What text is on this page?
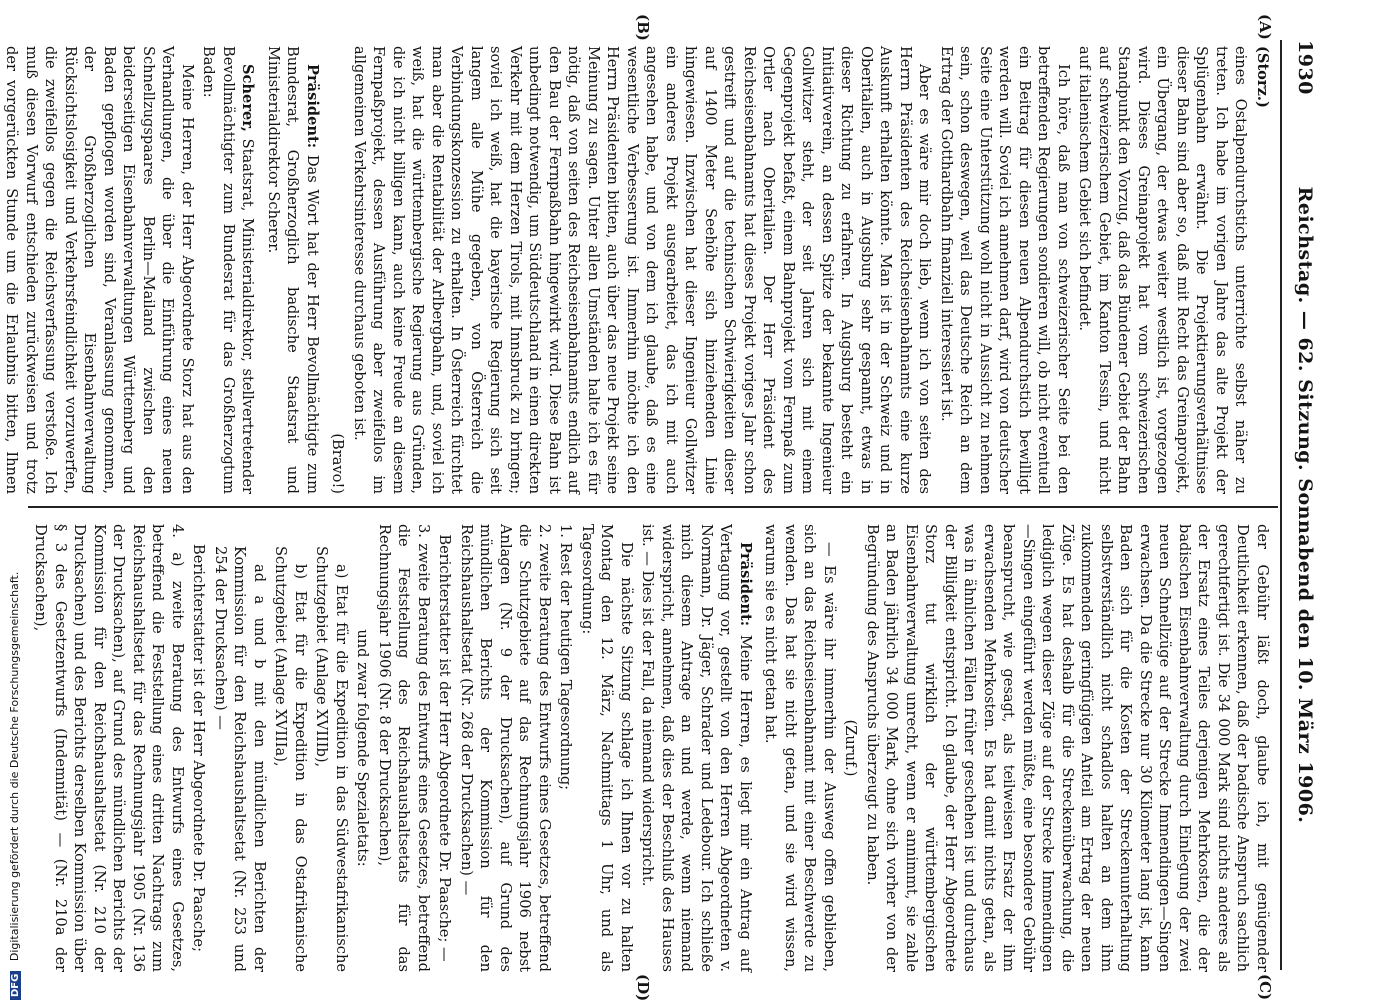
Reichstag. — 62. Sitzung. Sonnabend den 10. März 1906.
1930
(A)
(B)
(C)
(D)

(Storz.)

eines Ostalpendurchstichs unterrichte selbst näher zu treten. Ich habe im vorigen Jahre das alte Projekt der Splügenbahn erwähnt. Die Projektierungsverhältnisse dieser Bahn sind aber so, daß mit Recht das Greinaprojekt, ein Übergang, der etwas weiter westlich ist, vorgezogen wird. Dieses Greinaprojekt hat vom schweizerischen Standpunkt den Vorzug, daß das Bündener Gebiet der Bahn auf schweizerischem Gebiet, im Kanton Tessin, und nicht auf italienischem Gebiet sich befindet.

Ich höre, daß man von schweizerischer Seite bei den betreffenden Regierungen sondieren will, ob nicht eventuell ein Beitrag für diesen neuen Alpendurchstich bewilligt werden will. Soviel ich annehmen darf, wird von deutscher Seite eine Unterstützung wohl nicht in Aussicht zu nehmen sein, schon deswegen, weil das Deutsche Reich an dem Ertrag der Gotthardbahn finanziell interessiert ist.

Aber es wäre mir doch lieb, wenn ich von seiten des Herrn Präsidenten des Reichseisenbahnamts eine kurze Auskunft erhalten könnte. Man ist in der Schweiz und in Oberitalien, auch in Augsburg sehr gespannt, etwas in dieser Richtung zu erfahren. In Augsburg besteht ein Initiativverein, an dessen Spitze der bekannte Ingenieur Gollwitzer steht, der seit Jahren sich mit einem Gegenprojekt befaßt, einem Bahnprojekt vom Fernpaß zum Ortler nach Oberitalien. Der Herr Präsident des Reichseisenbahnamts hat dieses Projekt voriges Jahr schon gestreift und auf die technischen Schwierigkeiten dieser auf 1400 Meter Seehöhe sich hinziehenden Linie hingewiesen. Inzwischen hat dieser Ingenieur Gollwitzer ein anderes Projekt ausgearbeitet, das ich mit auch angesehen habe, und von dem ich glaube, daß es eine wesentliche Verbesserung ist. Immerhin möchte ich den Herrn Präsidenten bitten, auch über das neue Projekt seine Meinung zu sagen. Unter allen Umständen halte ich es für nötig, daß von seiten des Reichseisenbahnamts endlich auf den Bau der Fernpaßbahn hingewirkt wird. Diese Bahn ist unbedingt notwendig, um Süddeutschland in einen direkten Verkehr mit dem Herzen Tirols, mit Innsbruck zu bringen; soviel ich weiß, hat die bayerische Regierung sich seit langem alle Mühe gegeben, von Österreich die Verbindungskonzession zu erhalten. In Österreich fürchtet man aber die Rentabilität der Arlbergbahn, und, soviel ich weiß, hat die württembergische Regierung aus Gründen, die ich nicht billigen kann, auch keine Freude an diesem Fernpaßprojekt, dessen Ausführung aber zweifellos im allgemeinen Verkehrsinteresse durchaus geboten ist.

(Bravo!)

Präsident: Das Wort hat der Herr Bevollmächtigte zum Bundesrat, Großherzoglich badische Staatsrat und Ministerialdirektor Scherer.

Scherer, Staatsrat, Ministerialdirektor, stellvertretender Bevollmächtigter zum Bundesrat für das Großherzogtum Baden:

Meine Herren, der Herr Abgeordnete Storz hat aus den Verhandlungen, die über die Einführung eines neuen Schnellzugspaares Berlin—Mailand zwischen den beiderseitigen Eisenbahnverwaltungen Württemberg und Baden gepflogen worden sind, Veranlassung genommen, der Großherzoglichen Eisenbahnverwaltung Rücksichtslosigkeit und Verkehrsfeindlichkeit vorzuwerfen, die zweifellos gegen die Reichsverfassung verstoße. Ich muß diesen Vorwurf entschieden zurückweisen und trotz der vorgerückten Stunde um die Erlaubnis bitten, Ihnen

der Gebühr läßt doch, glaube ich, mit genügender Deutlichkeit erkennen, daß der badische Anspruch sachlich gerechtfertigt ist. Die 34 000 Mark sind nichts anderes als der Ersatz eines Teiles derjenigen Mehrkosten, die der badischen Eisenbahnverwaltung durch Einlegung der zwei neuen Schnellzüge auf der Strecke Immendingen—Singen erwachsen. Da die Strecke nur 30 Kilometer lang ist, kann Baden sich für die Kosten der Streckenunterhaltung selbstverständlich nicht schadlos halten an dem ihm zukommenden geringfügigen Anteil am Ertrag der neuen Züge. Es hat deshalb für die Streckenüberwachung, die lediglich wegen dieser Züge auf der Strecke Immendingen—Singen eingeführt werden müßte, eine besondere Gebühr beansprucht, wie gesagt, als teilweisen Ersatz der ihm erwachsenden Mehrkosten. Es hat damit nichts getan, als was in ähnlichen Fällen früher geschehen ist und durchaus der Billigkeit entspricht. Ich glaube, der Herr Abgeordnete Storz tut wirklich der württembergischen Eisenbahnverwaltung unrecht, wenn er annimmt, sie zahle an Baden jährlich 34 000 Mark, ohne sich vorher von der Begründung des Anspruchs überzeugt zu haben.

(Zuruf.)

— Es wäre ihr immerhin der Ausweg offen geblieben, sich an das Reichseisenbahnamt mit einer Beschwerde zu wenden. Das hat sie nicht getan, und sie wird wissen, warum sie es nicht getan hat.

Präsident: Meine Herren, es liegt mir ein Antrag auf Vertagung vor, gestellt von den Herren Abgeordneten v. Normann, Dr. Jäger, Schrader und Ledebour. Ich schließe mich diesem Antrage an und werde, wenn niemand widerspricht, annehmen, daß dies der Beschluß des Hauses ist. — Dies ist der Fall, da niemand widerspricht.

Die nächste Sitzung schlage ich Ihnen vor zu halten Montag den 12. März, Nachmittags 1 Uhr, und als Tagesordnung:

1. Rest der heutigen Tagesordnung;

2. zweite Beratung des Entwurfs eines Gesetzes, betreffend die Schutzgebiete auf das Rechnungsjahr 1906 nebst Anlagen (Nr. 9 der Drucksachen), auf Grund des mündlichen Berichts der Kommission für den Reichshaushaltsetat (Nr. 268 der Drucksachen) —

Berichterstatter ist der Herr Abgeordnete Dr. Paasche; —

3. zweite Beratung des Entwurfs eines Gesetzes, betreffend die Feststellung des Reichshaushaltsetats für das Rechnungsjahr 1906 (Nr. 8 der Drucksachen),

und zwar folgende Spezialetats:

a) Etat für die Expedition in das Südwestafrikanische Schutzgebiet (Anlage XVIIIb),

b) Etat für die Expedition in das Ostafrikanische Schutzgebiet (Anlage XVIIIa),

ad a und b mit den mündlichen Berichten der Kommission für den Reichshaushaltsetat (Nr. 253 und 254 der Drucksachen) —

Berichterstatter ist der Herr Abgeordnete Dr. Paasche;

4. a) zweite Beratung des Entwurfs eines Gesetzes, betreffend die Feststellung eines dritten Nachtrags zum Reichshaushaltsetat für das Rechnungsjahr 1905 (Nr. 136 der Drucksachen), auf Grund des mündlichen Berichts der Kommission für den Reichshaushaltsetat (Nr. 210 der Drucksachen) und des Berichts derselben Kommission über § 3 des Gesetzentwurfs (Indemnität) — (Nr. 210a der Drucksachen),

DFG Digitalisierung gefördert durch die Deutsche Forschungsgemeinschaft.
